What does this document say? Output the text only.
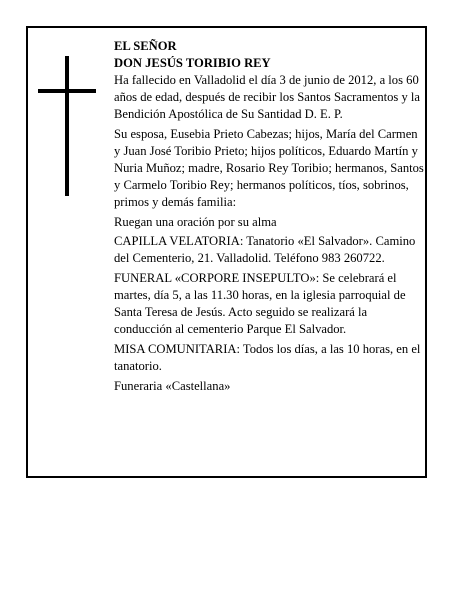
EL SEÑOR

DON JESÚS TORIBIO REY

Ha fallecido en Valladolid el día 3 de junio de 2012, a los 60 años de edad, después de recibir los Santos Sacramentos y la Bendición Apostólica de Su Santidad D. E. P.

Su esposa, Eusebia Prieto Cabezas; hijos, María del Carmen y Juan José Toribio Prieto; hijos políticos, Eduardo Martín y Nuria Muñoz; madre, Rosario Rey Toribio; hermanos, Santos y Carmelo Toribio Rey; hermanos políticos, tíos, sobrinos, primos y demás familia:

Ruegan una oración por su alma

CAPILLA VELATORIA: Tanatorio «El Salvador». Camino del Cementerio, 21. Valladolid. Teléfono 983 260722.

FUNERAL «CORPORE INSEPULTO»: Se celebrará el martes, día 5, a las 11.30 horas, en la iglesia parroquial de Santa Teresa de Jesús. Acto seguido se realizará la conducción al cementerio Parque El Salvador.

MISA COMUNITARIA: Todos los días, a las 10 horas, en el tanatorio.

Funeraria «Castellana»
